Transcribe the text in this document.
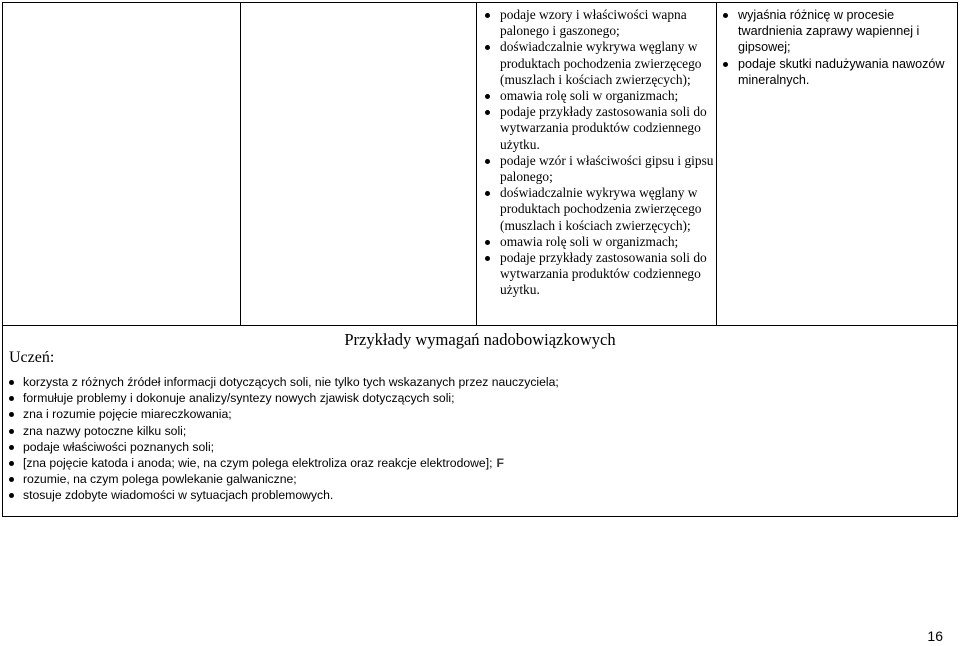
podaje wzory i właściwości wapna palonego i gaszonego;
doświadczalnie wykrywa węglany w produktach pochodzenia zwierzęcego (muszlach i kościach zwierzęcych);
omawia rolę soli w organizmach;
podaje przykłady zastosowania soli do wytwarzania produktów codziennego użytku.
podaje wzór i właściwości gipsu i gipsu palonego;
doświadczalnie wykrywa węglany w produktach pochodzenia zwierzęcego (muszlach i kościach zwierzęcych);
omawia rolę soli w organizmach;
podaje przykłady zastosowania soli do wytwarzania produktów codziennego użytku.
wyjaśnia różnicę w procesie twardnienia zaprawy wapiennej i gipsowej;
podaje skutki nadużywania nawozów mineralnych.
Przykłady wymagań nadobowiązkowych
Uczeń:
korzysta z różnych źródeł informacji dotyczących soli, nie tylko tych wskazanych przez nauczyciela;
formułuje problemy i dokonuje analizy/syntezy nowych zjawisk dotyczących soli;
zna i rozumie pojęcie miareczkowania;
zna nazwy potoczne kilku soli;
podaje właściwości poznanych soli;
[zna pojęcie katoda i anoda; wie, na czym polega elektroliza oraz reakcje elektrodowe]; F
rozumie, na czym polega powlekanie galwaniczne;
stosuje zdobyte wiadomości w sytuacjach problemowych.
16
